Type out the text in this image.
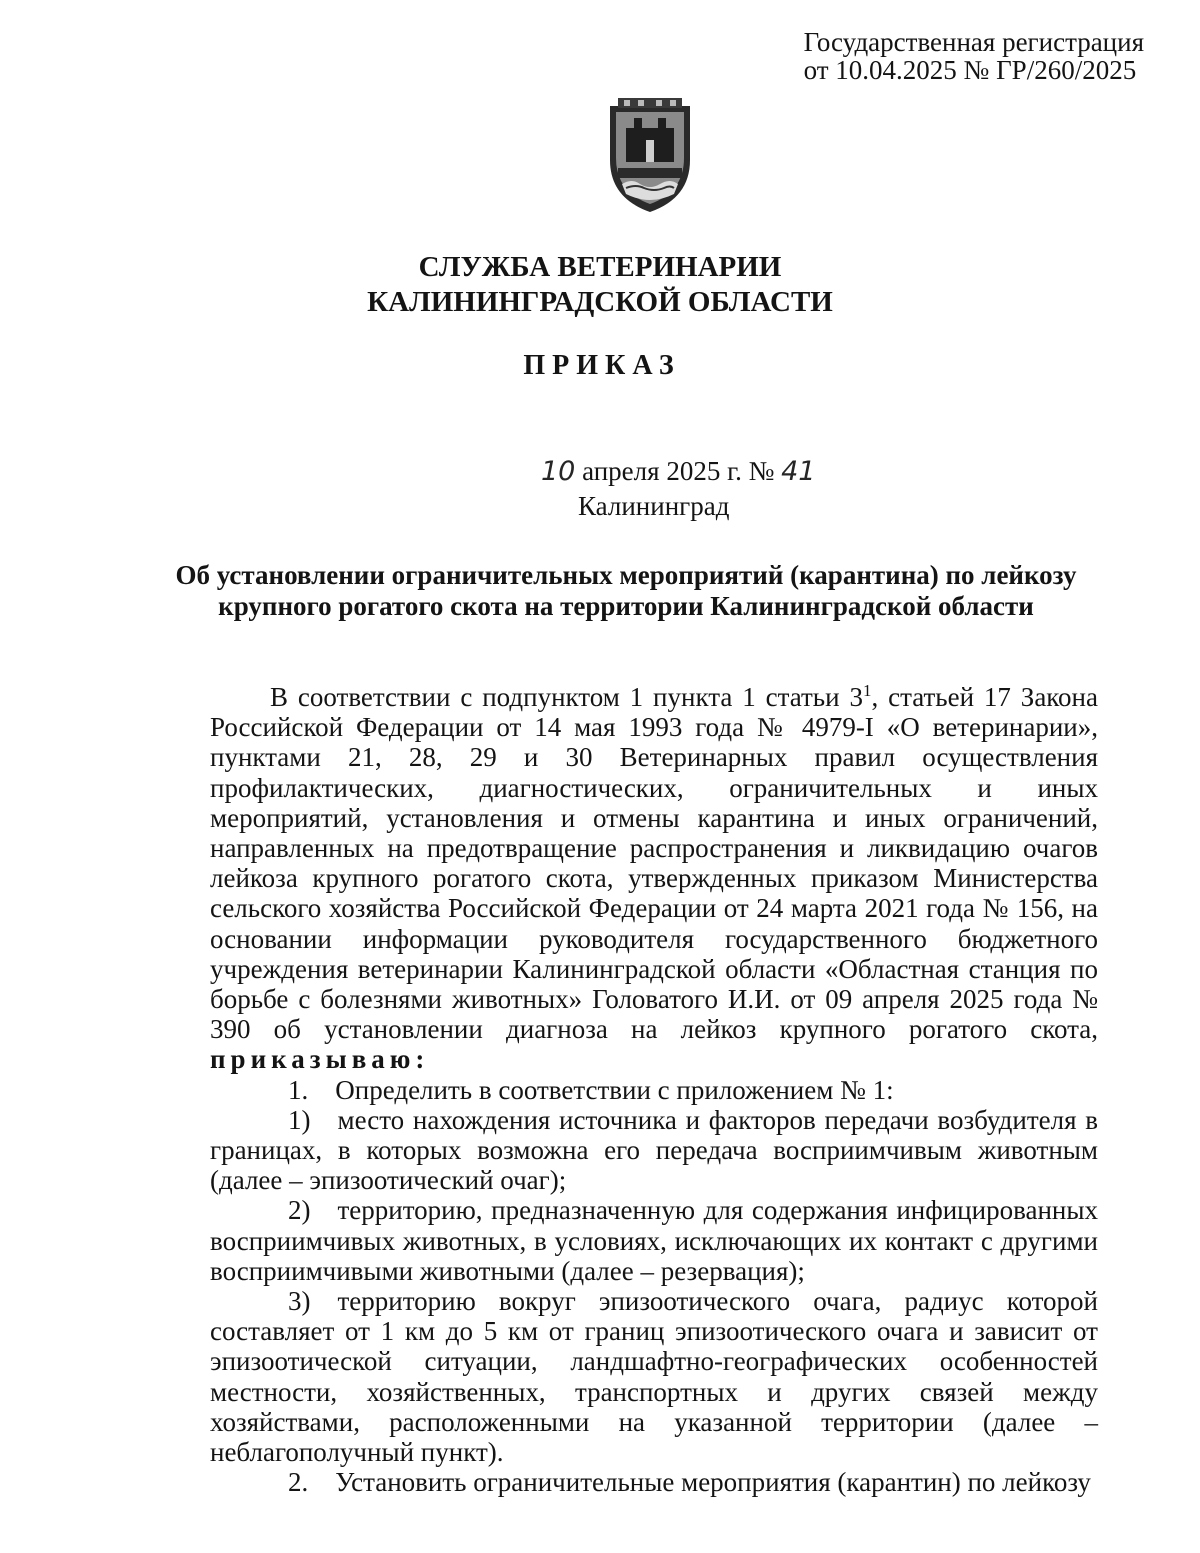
Государственная регистрация
от 10.04.2025 № ГР/260/2025
СЛУЖБА ВЕТЕРИНАРИИ
КАЛИНИНГРАДСКОЙ ОБЛАСТИ
ПРИКАЗ
10 апреля 2025 г. № 41
Калининград
Об установлении ограничительных мероприятий (карантина) по лейкозу
крупного рогатого скота на территории Калининградской области

В соответствии с подпунктом 1 пункта 1 статьи $3^1$, статьей 17 Закона Российской Федерации от 14 мая 1993 года № 4979-I «О ветеринарии», пунктами 21, 28, 29 и 30 Ветеринарных правил осуществления профилактических, диагностических, ограничительных и иных мероприятий, установления и отмены карантина и иных ограничений, направленных на предотвращение распространения и ликвидацию очагов лейкоза крупного рогатого скота, утвержденных приказом Министерства сельского хозяйства Российской Федерации от 24 марта 2021 года № 156, на основании информации руководителя государственного бюджетного учреждения ветеринарии Калининградской области «Областная станция по борьбе с болезнями животных» Головатого И.И. от 09 апреля 2025 года № 390 об установлении диагноза на лейкоз крупного рогатого скота, приказываю:

1. Определить в соответствии с приложением № 1:

1) место нахождения источника и факторов передачи возбудителя в границах, в которых возможна его передача восприимчивым животным (далее – эпизоотический очаг);

2) территорию, предназначенную для содержания инфицированных восприимчивых животных, в условиях, исключающих их контакт с другими восприимчивыми животными (далее – резервация);

3) территорию вокруг эпизоотического очага, радиус которой составляет от 1 км до 5 км от границ эпизоотического очага и зависит от эпизоотической ситуации, ландшафтно-географических особенностей местности, хозяйственных, транспортных и других связей между хозяйствами, расположенными на указанной территории (далее – неблагополучный пункт).

2. Установить ограничительные мероприятия (карантин) по лейкозу
